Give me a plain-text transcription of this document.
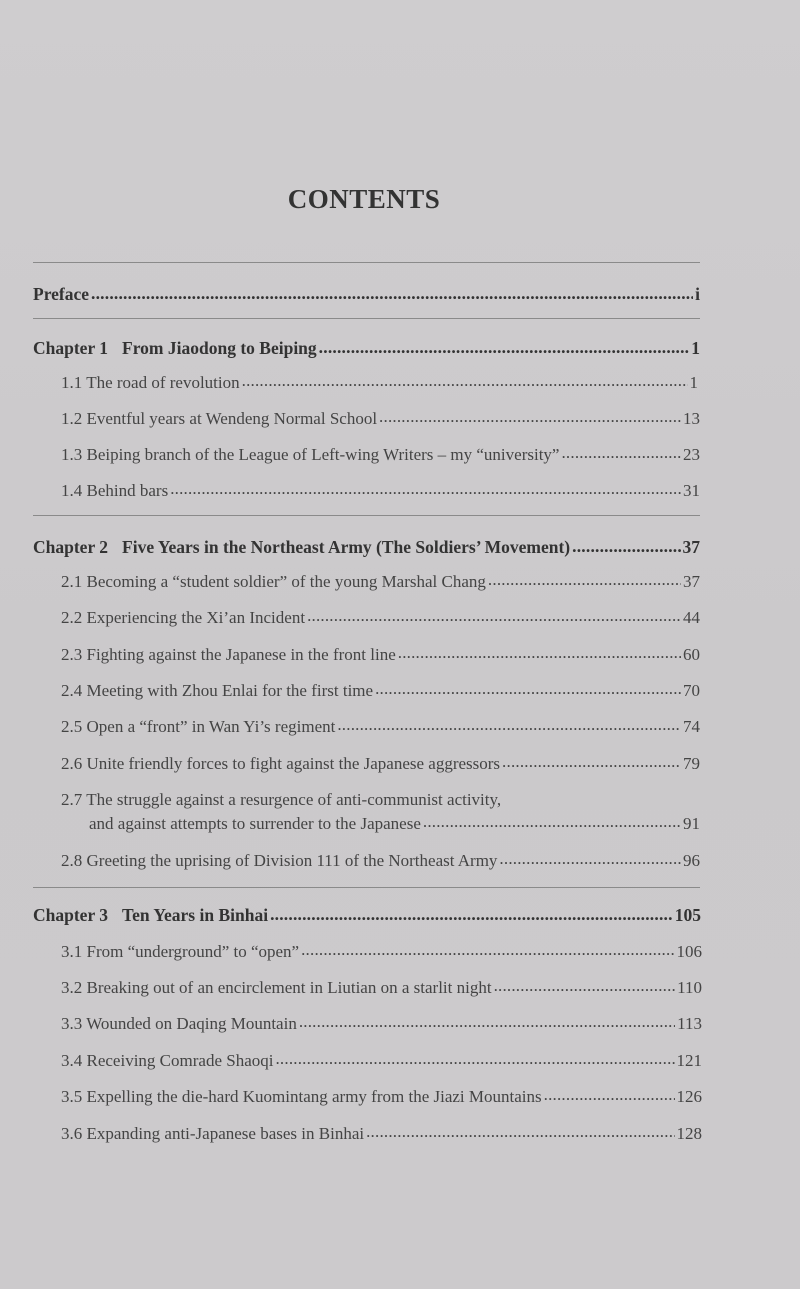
CONTENTS
Preface .....	i
Chapter 1 From Jiaodong to Beiping .....	1
1.1 The road of revolution .....	1
1.2 Eventful years at Wendeng Normal School .....	13
1.3 Beiping branch of the League of Left-wing Writers – my “university” .....	23
1.4 Behind bars .....	31
Chapter 2 Five Years in the Northeast Army (The Soldiers’ Movement) .....	37
2.1 Becoming a “student soldier” of the young Marshal Chang .....	37
2.2 Experiencing the Xi’an Incident .....	44
2.3 Fighting against the Japanese in the front line .....	60
2.4 Meeting with Zhou Enlai for the first time .....	70
2.5 Open a “front” in Wan Yi’s regiment .....	74
2.6 Unite friendly forces to fight against the Japanese aggressors .....	79
2.7 The struggle against a resurgence of anti-communist activity,
and against attempts to surrender to the Japanese .....	91
2.8 Greeting the uprising of Division 111 of the Northeast Army .....	96
Chapter 3 Ten Years in Binhai .....	105
3.1 From “underground” to “open” .....	106
3.2 Breaking out of an encirclement in Liutian on a starlit night .....	110
3.3 Wounded on Daqing Mountain .....	113
3.4 Receiving Comrade Shaoqi .....	121
3.5 Expelling the die-hard Kuomintang army from the Jiazi Mountains .....	126
3.6 Expanding anti-Japanese bases in Binhai .....	128
